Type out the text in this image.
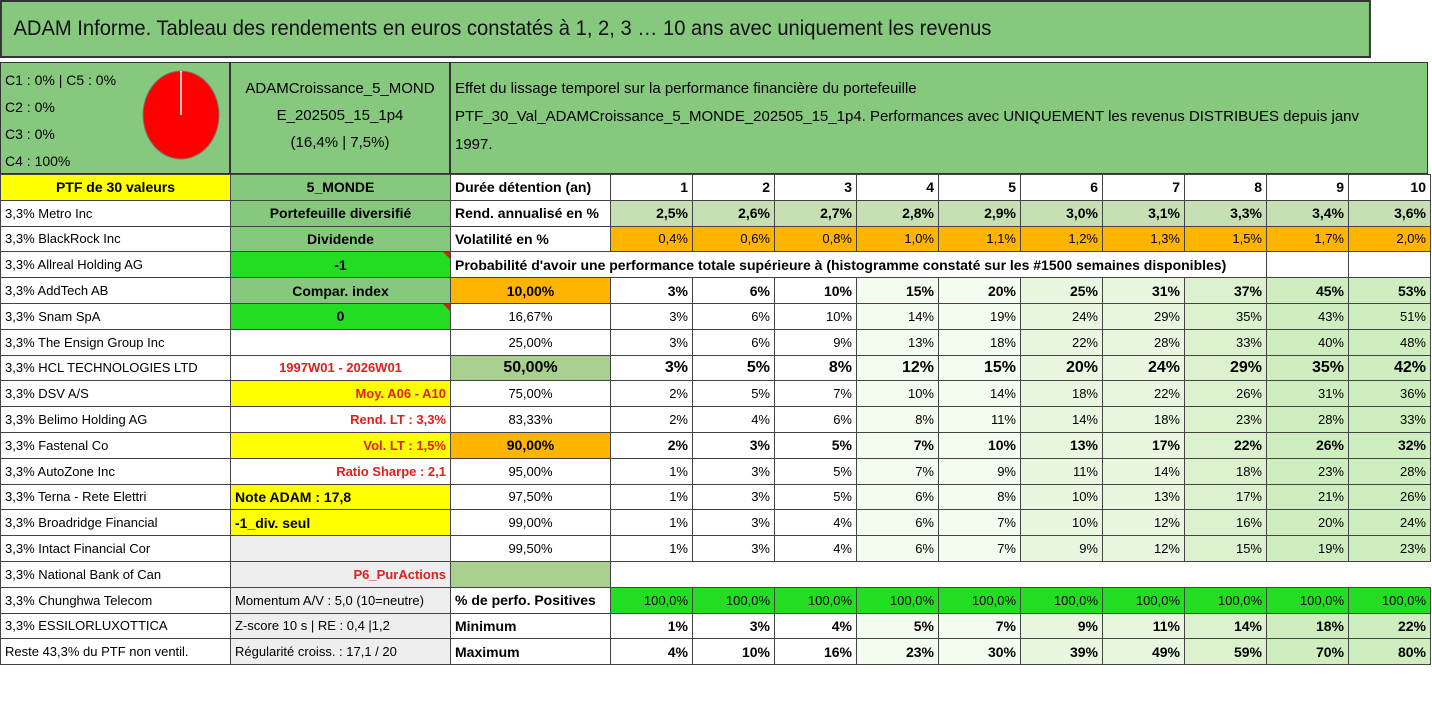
ADAM Informe. Tableau des rendements en euros constatés à 1, 2, 3 … 10 ans avec uniquement les revenus
C1 : 0% | C5 : 0%
C2 : 0%
C3 : 0%
C4 : 100%
ADAMCroissance_5_MOND
E_202505_15_1p4
(16,4% | 7,5%)
Effet du lissage temporel sur la performance financière du portefeuille
PTF_30_Val_ADAMCroissance_5_MONDE_202505_15_1p4. Performances avec UNIQUEMENT les revenus DISTRIBUES depuis janv
1997.
PTF de 30 valeurs	5_MONDE	Durée détention (an)	1	2	3	4	5	6	7	8	9	10
3,3% Metro Inc	Portefeuille diversifié	Rend. annualisé en %	2,5%	2,6%	2,7%	2,8%	2,9%	3,0%	3,1%	3,3%	3,4%	3,6%
3,3% BlackRock Inc	Dividende	Volatilité en %	0,4%	0,6%	0,8%	1,0%	1,1%	1,2%	1,3%	1,5%	1,7%	2,0%
3,3% Allreal Holding AG	-1	Probabilité d'avoir une performance totale supérieure à (histogramme constaté sur les #1500 semaines disponibles)										
3,3% AddTech AB	Compar. index	10,00%	3%	6%	10%	15%	20%	25%	31%	37%	45%	53%
3,3% Snam SpA	0	16,67%	3%	6%	10%	14%	19%	24%	29%	35%	43%	51%
3,3% The Ensign Group Inc		25,00%	3%	6%	9%	13%	18%	22%	28%	33%	40%	48%
3,3% HCL TECHNOLOGIES LTD	1997W01 - 2026W01	50,00%	3%	5%	8%	12%	15%	20%	24%	29%	35%	42%
3,3% DSV A/S	Moy. A06 - A10	75,00%	2%	5%	7%	10%	14%	18%	22%	26%	31%	36%
3,3% Belimo Holding AG	Rend. LT : 3,3%	83,33%	2%	4%	6%	8%	11%	14%	18%	23%	28%	33%
3,3% Fastenal Co	Vol. LT : 1,5%	90,00%	2%	3%	5%	7%	10%	13%	17%	22%	26%	32%
3,3% AutoZone Inc	Ratio Sharpe : 2,1	95,00%	1%	3%	5%	7%	9%	11%	14%	18%	23%	28%
3,3% Terna - Rete Elettri	Note ADAM : 17,8	97,50%	1%	3%	5%	6%	8%	10%	13%	17%	21%	26%
3,3% Broadridge Financial	-1_div. seul	99,00%	1%	3%	4%	6%	7%	10%	12%	16%	20%	24%
3,3% Intact Financial Cor		99,50%	1%	3%	4%	6%	7%	9%	12%	15%	19%	23%
3,3% National Bank of Can	P6_PurActions											
3,3% Chunghwa Telecom	Momentum A/V : 5,0 (10=neutre)	% de perfo. Positives	100,0%	100,0%	100,0%	100,0%	100,0%	100,0%	100,0%	100,0%	100,0%	100,0%
3,3% ESSILORLUXOTTICA	Z-score 10 s | RE : 0,4 |1,2	Minimum	1%	3%	4%	5%	7%	9%	11%	14%	18%	22%
Reste 43,3% du PTF non ventil.	Régularité croiss. : 17,1 / 20	Maximum	4%	10%	16%	23%	30%	39%	49%	59%	70%	80%
